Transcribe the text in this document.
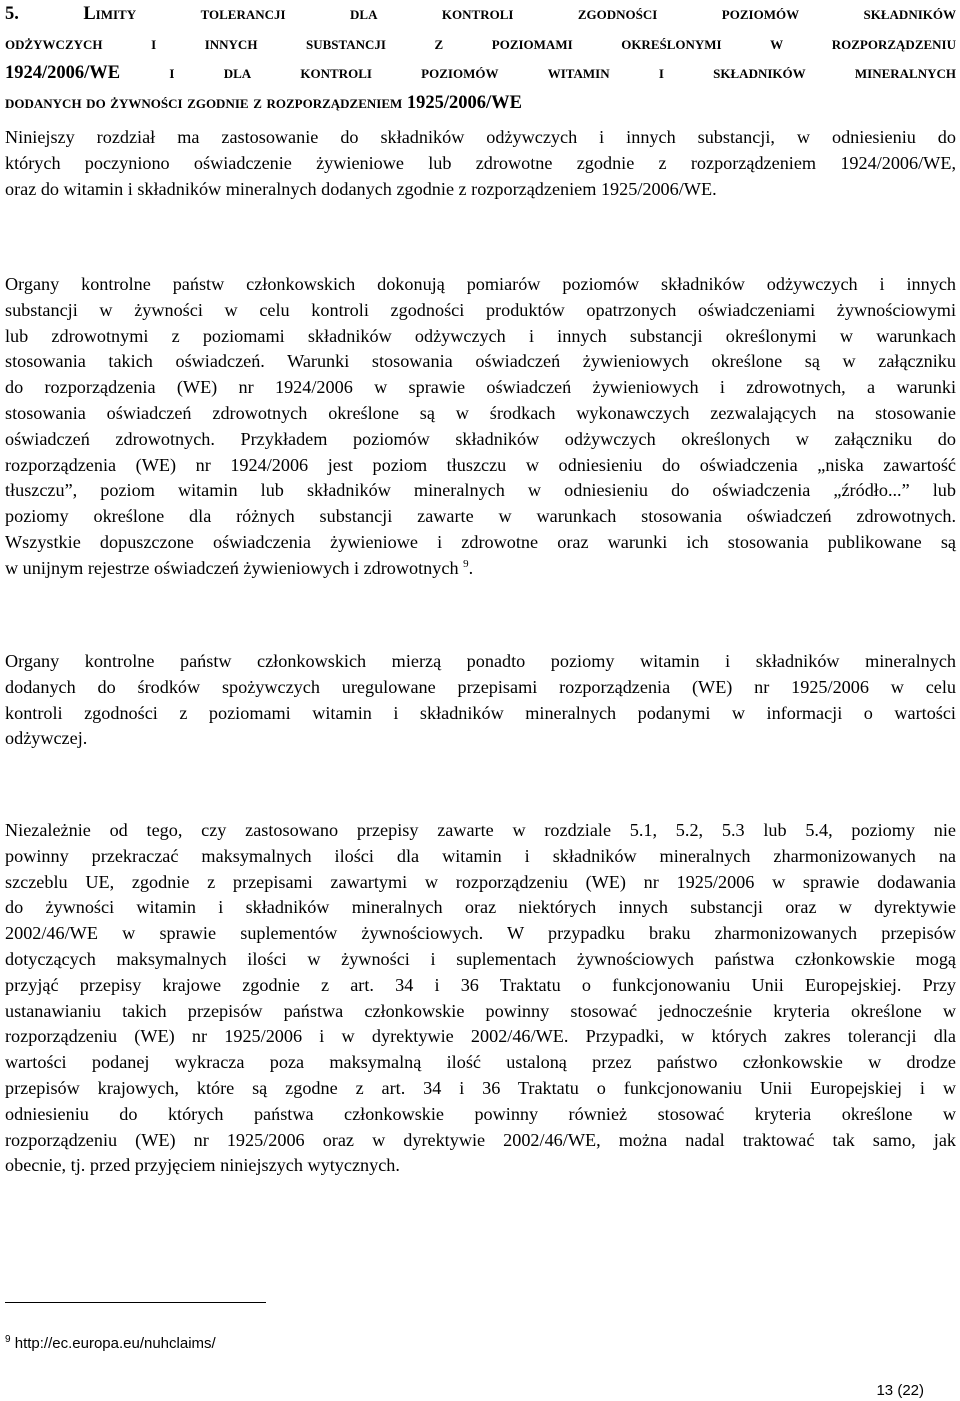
5. Limity tolerancji dla kontroli zgodności poziomów składników
odżywczych i innych substancji z poziomami określonymi w rozporządzeniu
1924/2006/WE i dla kontroli poziomów witamin i składników mineralnych
dodanych do żywności zgodnie z rozporządzeniem 1925/2006/WE
Niniejszy rozdział ma zastosowanie do składników odżywczych i innych substancji, w odniesieniu do
których poczyniono oświadczenie żywieniowe lub zdrowotne zgodnie z rozporządzeniem 1924/2006/WE,
oraz do witamin i składników mineralnych dodanych zgodnie z rozporządzeniem 1925/2006/WE.
Organy kontrolne państw członkowskich dokonują pomiarów poziomów składników odżywczych i innych
substancji w żywności w celu kontroli zgodności produktów opatrzonych oświadczeniami żywnościowymi
lub zdrowotnymi z poziomami składników odżywczych i innych substancji określonymi w warunkach
stosowania takich oświadczeń. Warunki stosowania oświadczeń żywieniowych określone są w załączniku
do rozporządzenia (WE) nr 1924/2006 w sprawie oświadczeń żywieniowych i zdrowotnych, a warunki
stosowania oświadczeń zdrowotnych określone są w środkach wykonawczych zezwalających na stosowanie
oświadczeń zdrowotnych. Przykładem poziomów składników odżywczych określonych w załączniku do
rozporządzenia (WE) nr 1924/2006 jest poziom tłuszczu w odniesieniu do oświadczenia „niska zawartość
tłuszczu”, poziom witamin lub składników mineralnych w odniesieniu do oświadczenia „źródło...” lub
poziomy określone dla różnych substancji zawarte w warunkach stosowania oświadczeń zdrowotnych.
Wszystkie dopuszczone oświadczenia żywieniowe i zdrowotne oraz warunki ich stosowania publikowane są
w unijnym rejestrze oświadczeń żywieniowych i zdrowotnych $^9$.
Organy kontrolne państw członkowskich mierzą ponadto poziomy witamin i składników mineralnych
dodanych do środków spożywczych uregulowane przepisami rozporządzenia (WE) nr 1925/2006 w celu
kontroli zgodności z poziomami witamin i składników mineralnych podanymi w informacji o wartości
odżywczej.
Niezależnie od tego, czy zastosowano przepisy zawarte w rozdziale 5.1, 5.2, 5.3 lub 5.4, poziomy nie
powinny przekraczać maksymalnych ilości dla witamin i składników mineralnych zharmonizowanych na
szczeblu UE, zgodnie z przepisami zawartymi w rozporządzeniu (WE) nr 1925/2006 w sprawie dodawania
do żywności witamin i składników mineralnych oraz niektórych innych substancji oraz w dyrektywie
2002/46/WE w sprawie suplementów żywnościowych. W przypadku braku zharmonizowanych przepisów
dotyczących maksymalnych ilości w żywności i suplementach żywnościowych państwa członkowskie mogą
przyjąć przepisy krajowe zgodnie z art. 34 i 36 Traktatu o funkcjonowaniu Unii Europejskiej. Przy
ustanawianiu takich przepisów państwa członkowskie powinny stosować jednocześnie kryteria określone w
rozporządzeniu (WE) nr 1925/2006 i w dyrektywie 2002/46/WE. Przypadki, w których zakres tolerancji dla
wartości podanej wykracza poza maksymalną ilość ustaloną przez państwo członkowskie w drodze
przepisów krajowych, które są zgodne z art. 34 i 36 Traktatu o funkcjonowaniu Unii Europejskiej i w
odniesieniu do których państwa członkowskie powinny również stosować kryteria określone w
rozporządzeniu (WE) nr 1925/2006 oraz w dyrektywie 2002/46/WE, można nadal traktować tak samo, jak
obecnie, tj. przed przyjęciem niniejszych wytycznych.
$^9$ http://ec.europa.eu/nuhclaims/
13 (22)
